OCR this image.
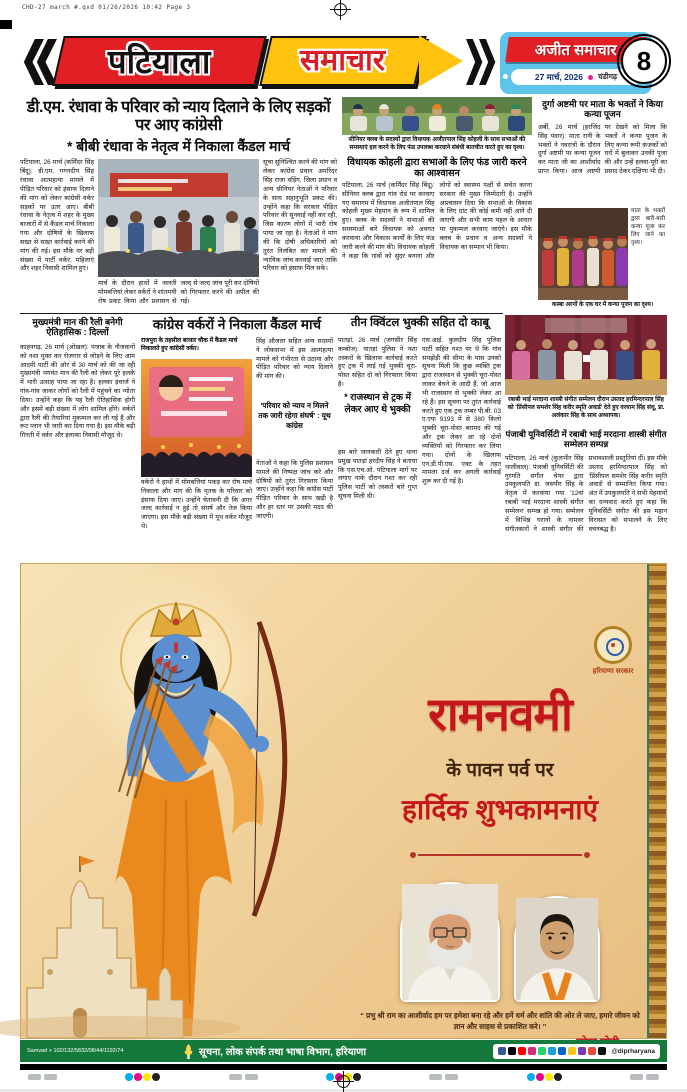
CHD-27 march #.qxd 01/26/2026 10:42 Page 3
पटियाला	समाचार	अजीत समाचार
27 मार्च, 2026 चंडीगढ़
8
डी.एम. रंधावा के परिवार को न्याय दिलाने के लिए सड़कों पर आए कांग्रेसी
* बीबी रंधावा के नेतृत्व में निकाला कैंडल मार्च
पटियाला, 26 मार्च (कर्मिंदर सिंह बिंदू): डी.एम. गगनदीप सिंह रंधावा आत्महत्या मामले में पीड़ित परिवार को इंसाफ दिलाने की मांग को लेकर कांग्रेसी वर्कर सड़कों पर उतर आए। बीबी रंधावा के नेतृत्व में शहर के मुख्य बाजारों में से कैंडल मार्च निकाला गया और दोषियों के खिलाफ सख्त से सख्त कार्रवाई करने की मांग की गई। इस मौके पर बड़ी संख्या में पार्टी वर्कर, महिलाएं और शहर निवासी शामिल हुए।
मार्च के दौरान हाथों में जलती मोमबत्तियां लेकर वर्करों ने शांतमयी रोष प्रकट किया और प्रशासन से जल्द से जल्द जांच पूरी कर दोषियों को गिरफ्तार करने की अपील की गई।
सूचा सुनिश्चित करने की मांग को लेकर कांग्रेस प्रधान अमरिंदर सिंह राजा वड़िंग, जिला प्रधान व अन्य सीनियर नेताओं ने परिवार के साथ सहानुभूति प्रकट की। उन्होंने कहा कि सरकार पीड़ित परिवार की सुनवाई नहीं कर रही, जिस कारण लोगों में भारी रोष पाया जा रहा है। नेताओं ने मांग की कि दोषी अधिकारियों को तुरंत निलंबित कर मामले की न्यायिक जांच करवाई जाए ताकि परिवार को इंसाफ मिल सके।
सीनियर क्लब के सदस्यों द्वारा विधायक अजीतपाल सिंह कोहली के साथ सभाओं की समस्याएं हल करने के लिए फंड उपलब्ध करवाने संबंधी बातचीत करते हुए का दृश्य।
विधायक कोहली द्वारा सभाओं के लिए फंड जारी करने का आश्वासन
पटियाला, 26 मार्च (कर्मिंदर सिंह बिंदू): सीनियर क्लब द्वारा गांव रोड पर करवाए गए समागम में विधायक अजीतपाल सिंह कोहली मुख्य मेहमान के रूप में शामिल हुए। क्लब के सदस्यों ने सभाओं की समस्याओं बारे विधायक को अवगत करवाया और विकास कार्यों के लिए फंड जारी करने की मांग की। विधायक कोहली ने कहा कि गांवों को सुंदर बनाना और लोगों को स्वास्थ्य पक्षों से सचेत करना सरकार की मुख्य जिम्मेदारी है। उन्होंने आश्वासन दिया कि सभाओं के विकास के लिए ग्रांट की कोई कमी नहीं आने दी जाएगी और सभी काम पहल के आधार पर मुकम्मल करवाए जाएंगे। इस मौके क्लब के प्रधान व अन्य सदस्यों ने विधायक का सम्मान भी किया।
दुर्गा अष्टमी पर माता के भक्तों ने किया कन्या पूजन
अर्बी, 26 मार्च (हरजिंद सिंह पंवार): माता रानी के भक्तों ने नवरात्रों के दौरान दुर्गा अष्टमी पर कन्या पूजन कर माता जी का आशीर्वाद प्राप्त किया। आज अष्टमी पर देखने को मिला कि भक्तों ने कन्या पूजन के लिए कन्या रूपी कंजकों को घरों में बुलाकर उनकी पूजा की और उन्हें हलवा-पूरी का प्रसाद देकर दक्षिणा भी दी।
माता के भक्तों द्वारा बारी-बारी कन्या पूजा कर लिए जाने का दृश्य।
कस्बा अरनों के एक घर में कन्या पूजन का दृश्य।
मुख्यमंत्री मान की रैली बनेगी ऐतिहासिक : दिल्लों
काहनगढ़, 26 मार्च (ओखल): पंजाब के नौजवानों को नशा मुक्त कर रोजगार से जोड़ने के लिए आम आदमी पार्टी की ओर से 30 मार्च को की जा रही मुख्यमंत्री भगवंत मान की रैली को लेकर पूरे हलके में भारी उत्साह पाया जा रहा है। हलका इंचार्ज ने गांव-गांव जाकर लोगों को रैली में पहुंचने का न्योता दिया। उन्होंने कहा कि यह रैली ऐतिहासिक होगी और इसमें बड़ी संख्या में लोग शामिल होंगे। वर्करों द्वारा रैली की तैयारियां मुकम्मल कर ली गई हैं और रूट प्लान भी जारी कर दिया गया है। इस मौके बड़ी गिनती में वर्कर और इलाका निवासी मौजूद थे।
कांग्रेस वर्करों ने निकाला कैंडल मार्च
राजपुरा के तहसील बाजार चौक में कैंडल मार्च निकालते हुए कांग्रेसी वर्कर।
वर्करों ने हाथों में मोमबत्तियां पकड़ कर रोष मार्च निकाला और मांग की कि मृतक के परिवार को इंसाफ दिया जाए। उन्होंने चेतावनी दी कि अगर जल्द कार्रवाई न हुई तो संघर्ष और तेज किया जाएगा। इस मौके बड़ी संख्या में यूथ वर्कर मौजूद थे।
सिंह औजला सहित अन्य सदस्यों ने लोकसभा में इस आत्महत्या मामले को गंभीरता से उठाया और पीड़ित परिवार को न्याय दिलाने की मांग की।
'परिवार को न्याय न मिलने तक जारी रहेगा संघर्ष' : यूथ कांग्रेस
नेताओं ने कहा कि पुलिस प्रशासन मामले की निष्पक्ष जांच करे और दोषियों को तुरंत गिरफ्तार किया जाए। उन्होंने कहा कि कांग्रेस पार्टी पीड़ित परिवार के साथ खड़ी है और हर स्तर पर उसकी मदद की जाएगी।
तीन क्विंटल भुक्की सहित दो काबू
पातड़ां, 26 मार्च (जगसीर सिंह कम्बोज): पातड़ां पुलिस ने नशा तस्करों के खिलाफ कार्रवाई करते हुए ट्रक में लाई गई भुक्की चूरा-पोस्त सहित दो को गिरफ्तार किया है।
* राजस्थान से ट्रक में लेकर आए थे भुक्की
इस बारे जानकारी देते हुए थाना प्रमुख पातड़ां हरदीप सिंह ने बताया कि एस.एच.ओ. पटियाला मार्ग पर लगाए नाके दौरान गश्त कर रही पुलिस पार्टी को तस्करों बारे गुप्त सूचना मिली थी।
एस.आई. कुलदीप सिंह पुलिस पार्टी सहित गश्त पर थे कि गांव समझेड़ी की सीमा के पास उनको सूचना मिली कि कुछ व्यक्ति ट्रक द्वारा राजस्थान से भुक्की चूरा-पोस्त लाकर बेचने के आदी हैं, जो आज भी राजस्थान से भुक्की लेकर आ रहे हैं। इस सूचना पर तुरंत कार्रवाई करते हुए एक ट्रक नम्बर पी.बी. 03 ए.एफ 9193 में से 380 किलो भुक्की चूरा-पोस्त बरामद की गई और ट्रक लेकर आ रहे दोनों व्यक्तियों को गिरफ्तार कर लिया गया। दोनों के खिलाफ एन.डी.पी.एस. एक्ट के तहत मामला दर्ज कर अगली कार्रवाई शुरू कर दी गई है।
रबाबी भाई मरदाना शास्त्री संगीत सम्मेलन दौरान उस्ताद हरमिन्दरपाल सिंह को 'प्रिंसीपल समशेर सिंह करीर स्मृति अवार्ड' देते हुए वरयाम सिंह संधू, डा. अलंकार सिंह के साथ अध्यापक।
पंजाबी यूनिवर्सिटी में रबाबी भाई मरदाना शास्त्री संगीत सम्मेलन सम्पन्न
पटियाला, 26 मार्च (कुलभीर सिंह थालीवाल): पंजाबी यूनिवर्सिटी की गुरमति संगीत चेयर द्वारा उपकुलपति डा. जसपीर सिंह के नेतृत्व में करवाया गया '12वां रबाबी भाई मरदाना शास्त्री संगीत सम्मेलन' सम्पन्न हो गया। सम्मेलन में विभिन्न घरानों के नामवर संगीतकारों ने शास्त्री संगीत की प्रभावशाली प्रस्तुतियां दीं। इस मौके उस्ताद हरमिन्दरपाल सिंह को 'प्रिंसीपल समशेर सिंह करीर स्मृति अवार्ड' से सम्मानित किया गया। अंत में उपकुलपति ने सभी मेहमानों का धन्यवाद करते हुए कहा कि यूनिवर्सिटी संगीत की इस महान विरासत को संभालने के लिए वचनबद्ध है।
हरियाणा सरकार
रामनवमी
के पावन पर्व पर
हार्दिक शुभकामनाएं
“ प्रभु श्री राम का आशीर्वाद हम पर हमेशा बना रहे और हमें धर्म और शांति की ओर ले जाए, हमारे जीवन को ज्ञान और साहस से प्रकाशित करे। ”
Samvad > 102/132/5832/08/44/1192/74	सूचना, लोक संपर्क तथा भाषा विभाग, हरियाणा	@diprharyana
